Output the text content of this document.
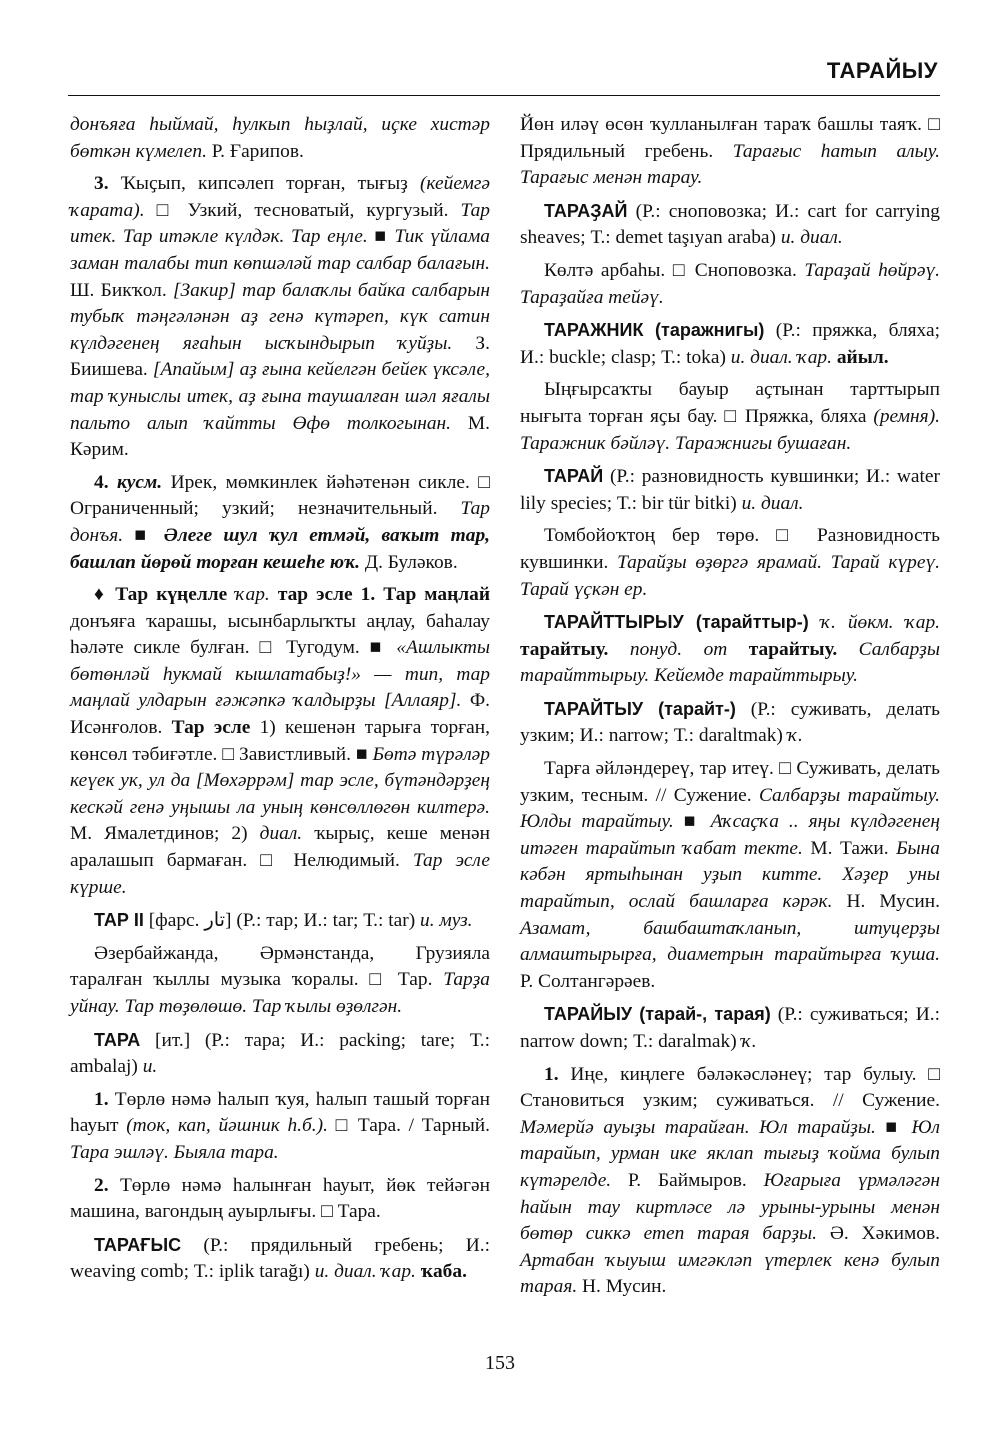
ТАРАЙЫУ

донъяға һыймай, һулкып һыҙлай, иҫке хистәр бөткән күмелеп. Р. Ғарипов.

3. Ҡыҫып, кипсәлеп торған, тығыҙ (кейемгә ҡарата). □ Узкий, тесноватый, кургузый. Тар итек. Тар итәкле күлдәк. Тар еңле. ■ Тик үйлама заман талабы тип көпшәләй тар салбар балағын. Ш. Бикҡол. [Закир] тар балаҡлы байка салбарын тубыҡ тәңгәләнән аҙ генә күтәреп, күк сатин күлдәгенең яғаһын ысҡындырып ҡуйҙы. З. Биишева. [Апайым] аҙ ғына кейелгән бейек үксәле, тар ҡуныслы итек, аҙ ғына таушалған шәл яғалы пальто алып ҡайтты Өфө толкогынан. М. Кәрим.

4. кусм. Ирек, мөмкинлек йәһәтенән сикле. □ Ограниченный; узкий; незначительный. Тар донъя. ■ Әлеге шул ҡул етмәй, ваҡыт тар, башлап йөрөй торған кешеһе юҡ. Д. Буләков.

♦ Тар күңелле ҡар. тар эсле 1. Тар маңлай донъяға ҡарашы, ысынбарлыҡты аңлау, баһалау һәләте сикле булған. □ Тугодум. ■ «Ашлыкты бөтөнләй һукмай кышлатабыҙ!» — тип, тар маңлай улдарын ғәжәпкә ҡалдырҙы [Аллаяр]. Ф. Исәнғолов. Тар эсле 1) кешенән тарыға торған, көнсөл тәбиғәтле. □ Завистливый. ■ Бөтә түрәләр кеүек ук, ул да [Мөхәррәм] тар эсле, бүтәндәрҙең кескәй генә уңышы ла уның көнсөллөгөн килтерә. М. Ямалетдинов; 2) диал. ҡырыҫ, кеше менән аралашып бармаған. □ Нелюдимый. Тар эсле күрше.

ТАР II [фарс. تار] (Р.: тар; И.: tar; Т.: tar) и. муз.

Әзербайжанда, Әрмәнстанда, Грузияла таралған ҡыллы музыка ҡоралы. □ Тар. Тарҙа уйнау. Тар төҙөлөшө. Тар ҡылы өҙөлгән.

ТАРА [ит.] (Р.: тара; И.: packing; tare; Т.: ambalaj) и.

1. Төрлө нәмә һалып ҡуя, һалып ташый торған һауыт (ток, кап, йәшник һ.б.). □ Тара. / Тарный. Тара эшләү. Быяла тара.

2. Төрлө нәмә һалынған һауыт, йөк тейәгән машина, вагондың ауырлығы. □ Тара.

ТАРАҒЫС (Р.: прядильный гребень; И.: weaving comb; Т.: iplik tarağı) и. диал. ҡар. ҡаба.

Йөн иләү өсөн ҡулланылған тараҡ башлы таяҡ. □ Прядильный гребень. Тарағыс һатып алыу. Тарағыс менән тарау.

ТАРАҘАЙ (Р.: сноповозка; И.: cart for carrying sheaves; Т.: demet taşıyan araba) и. диал.

Көлтә арбаһы. □ Сноповозка. Тараҙай һөйрәү. Тараҙайға тейәү.

ТАРАЖНИК (таражнигы) (Р.: пряжка, бляха; И.: buckle; clasp; Т.: toka) и. диал. ҡар. айыл.

Ыңғырсаҡты бауыр аҫтынан тарттырып нығыта торған яҫы бау. □ Пряжка, бляха (ремня). Таражник бәйләү. Таражнигы бушаған.

ТАРАЙ (Р.: разновидность кувшинки; И.: water lily species; Т.: bir tür bitki) и. диал.

Томбойоҡтоң бер төрө. □ Разновидность кувшинки. Тарайҙы өҙөргә ярамай. Тарай күреү. Тарай үҫкән ер.

ТАРАЙТТЫРЫУ (тарайттыр-) ҡ. йөкм. ҡар. тарайтыу. понуд. от тарайтыу. Салбарҙы тарайттырыу. Кейемде тарайттырыу.

ТАРАЙТЫУ (тарайт-) (Р.: суживать, делать узким; И.: narrow; Т.: daraltmak) ҡ.

Тарға әйләндереү, тар итеү. □ Суживать, делать узким, тесным. // Сужение. Салбарҙы тарайтыу. Юлды тарайтыу. ■ Аҡсаҫҡа .. яңы күлдәгенең итәген тарайтып ҡабат текте. М. Тажи. Бына кәбән яртыһынан уҙып китте. Хәҙер уны тарайтып, ослай башларға кәрәк. Н. Мусин. Азамат, башбаштаҡланып, штуцерҙы алмаштырырға, диаметрын тарайтырға ҡуша. Р. Солтангәрәев.

ТАРАЙЫУ (тарай-, тарая) (Р.: суживаться; И.: narrow down; Т.: daralmak) ҡ.

1. Иңе, киңлеге бәләкәсләнеү; тар булыу. □ Становиться узким; суживаться. // Сужение. Мәмерйә ауыҙы тарайған. Юл тарайҙы. ■ Юл тарайып, урман ике яклап тығыҙ ҡойма булып күтәрелде. Р. Баймыров. Юғарыға үрмәләгән һайын тау киртләсе лә урыны-урыны менән бөтөр сиккә етеп тарая барҙы. Ә. Хәкимов. Артабан ҡыуыш имгәкләп үтерлек кенә булып тарая. Н. Мусин.

153
